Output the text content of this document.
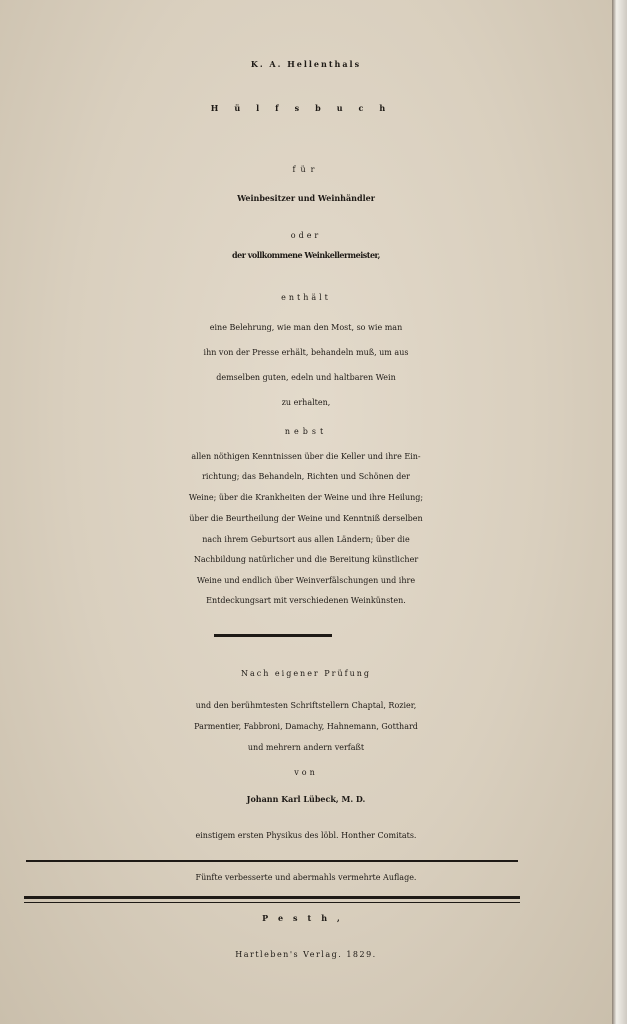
K. A. Hellenthals
Hülfsbuch
für
Weinbesitzer und Weinhändler
oder
der vollkommene Weinkellermeister,
enthält
eine Belehrung, wie man den Most, so wie man
ihn von der Presse erhält, behandeln muß, um aus
demselben guten, edeln und haltbaren Wein
zu erhalten,
nebst
allen nöthigen Kenntnissen über die Keller und ihre Ein-
richtung; das Behandeln, Richten und Schönen der
Weine; über die Krankheiten der Weine und ihre Heilung;
über die Beurtheilung der Weine und Kenntniß derselben
nach ihrem Geburtsort aus allen Ländern; über die
Nachbildung natürlicher und die Bereitung künstlicher
Weine und endlich über Weinverfälschungen und ihre
Entdeckungsart mit verschiedenen Weinkünsten.
Nach eigener Prüfung
und den berühmtesten Schriftstellern Chaptal, Rozier,
Parmentier, Fabbroni, Damachy, Hahnemann, Gotthard
und mehrern andern verfaßt
von
Johann Karl Lübeck, M. D.
einstigem ersten Physikus des löbl. Honther Comitats.
Fünfte verbesserte und abermahls vermehrte Auflage.
Pesth,
Hartleben's Verlag. 1829.
